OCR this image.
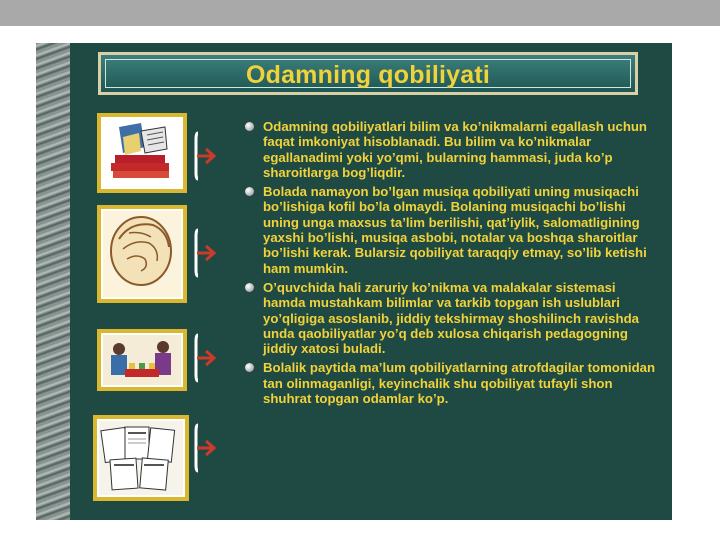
Odamning qobiliyati
Odamning qobiliyatlari bilim va ko’nikmalarni egallash uchun faqat imkoniyat hisoblanadi. Bu bilim va ko’nikmalar egallanadimi yoki yo’qmi, bularning hammasi, juda ko’p sharoitlarga bog’liqdir.
Bolada namayon bo’lgan musiqa qobiliyati uning musiqachi bo’lishiga kofil bo’la olmaydi. Bolaning musiqachi bo’lishi uning unga maxsus ta’lim berilishi, qat’iylik, salomatligining yaxshi bo’lishi, musiqa asbobi, notalar va boshqa sharoitlar bo’lishi kerak. Bularsiz qobiliyat taraqqiy etmay, so’lib ketishi ham mumkin.
O’quvchida hali zaruriy ko’nikma va malakalar sistemasi hamda mustahkam bilimlar va tarkib topgan ish uslublari yo’qligiga asoslanib, jiddiy tekshirmay shoshilinch ravishda unda qaobiliyatlar yo’q deb xulosa chiqarish pedagogning jiddiy xatosi buladi.
Bolalik paytida ma’lum qobiliyatlarning atrofdagilar tomonidan tan olinmaganligi, keyinchalik shu qobiliyat tufayli shon shuhrat topgan odamlar ko’p.
